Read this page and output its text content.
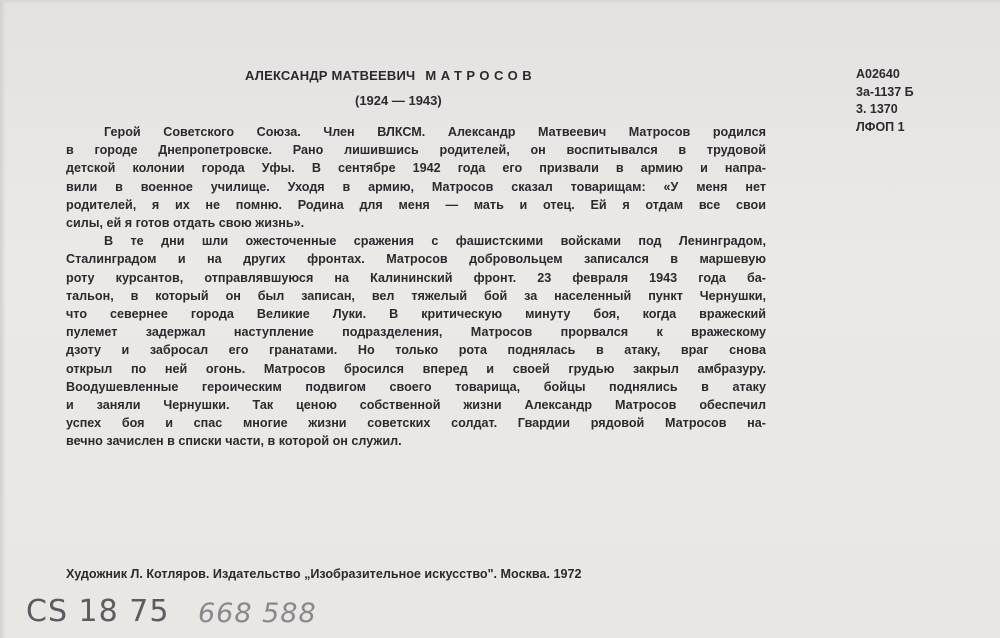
АЛЕКСАНДР МАТВЕЕВИЧ МАТРОСОВ
(1924 — 1943)
А02640
3а-1137 Б
3. 1370
ЛФОП 1
Герой Советского Союза. Член ВЛКСМ. Александр Матвеевич Матросов родился
в городе Днепропетровске. Рано лишившись родителей, он воспитывался в трудовой
детской колонии города Уфы. В сентябре 1942 года его призвали в армию и напра-
вили в военное училище. Уходя в армию, Матросов сказал товарищам: «У меня нет
родителей, я их не помню. Родина для меня — мать и отец. Ей я отдам все свои
силы, ей я готов отдать свою жизнь».
В те дни шли ожесточенные сражения с фашистскими войсками под Ленинградом,
Сталинградом и на других фронтах. Матросов добровольцем записался в маршевую
роту курсантов, отправлявшуюся на Калининский фронт. 23 февраля 1943 года ба-
тальон, в который он был записан, вел тяжелый бой за населенный пункт Чернушки,
что севернее города Великие Луки. В критическую минуту боя, когда вражеский
пулемет задержал наступление подразделения, Матросов прорвался к вражескому
дзоту и забросал его гранатами. Но только рота поднялась в атаку, враг снова
открыл по ней огонь. Матросов бросился вперед и своей грудью закрыл амбразуру.
Воодушевленные героическим подвигом своего товарища, бойцы поднялись в атаку
и заняли Чернушки. Так ценою собственной жизни Александр Матросов обеспечил
успех боя и спас многие жизни советских солдат. Гвардии рядовой Матросов на-
вечно зачислен в списки части, в которой он служил.
Художник Л. Котляров. Издательство „Изобразительное искусство". Москва. 1972
CS 18 75 668 588
